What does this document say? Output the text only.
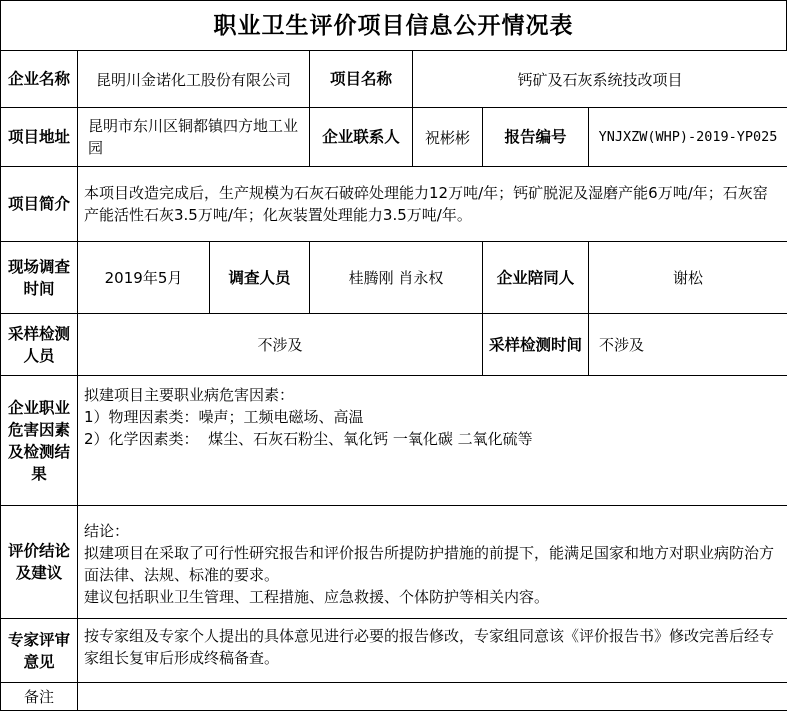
职业卫生评价项目信息公开情况表
企业名称	昆明川金诺化工股份有限公司		项目名称	钙矿及石灰系统技改项目		
项目地址	昆明市东川区铜都镇四方地工业园		企业联系人	祝彬彬	报告编号	YNJXZW(WHP)-2019-YP025
项目简介	本项目改造完成后，生产规模为石灰石破碎处理能力12万吨/年；钙矿脱泥及湿磨产能6万吨/年；石灰窑产能活性石灰3.5万吨/年；化灰装置处理能力3.5万吨/年。					
现场调查时间	2019年5月	调查人员	桂腾刚 肖永权		企业陪同人	谢松
采样检测人员	不涉及				采样检测时间	不涉及
企业职业危害因素及检测结果	拟建项目主要职业病危害因素：
1）物理因素类：噪声；工频电磁场、高温
2）化学因素类：  煤尘、石灰石粉尘、氧化钙 一氧化碳 二氧化硫等					

评价结论及建议	结论：
拟建项目在采取了可行性研究报告和评价报告所提防护措施的前提下，能满足国家和地方对职业病防治方面法律、法规、标准的要求。
建议包括职业卫生管理、工程措施、应急救援、个体防护等相关内容。					

专家评审意见	按专家组及专家个人提出的具体意见进行必要的报告修改，专家组同意该《评价报告书》修改完善后经专家组长复审后形成终稿备查。					
备注						
